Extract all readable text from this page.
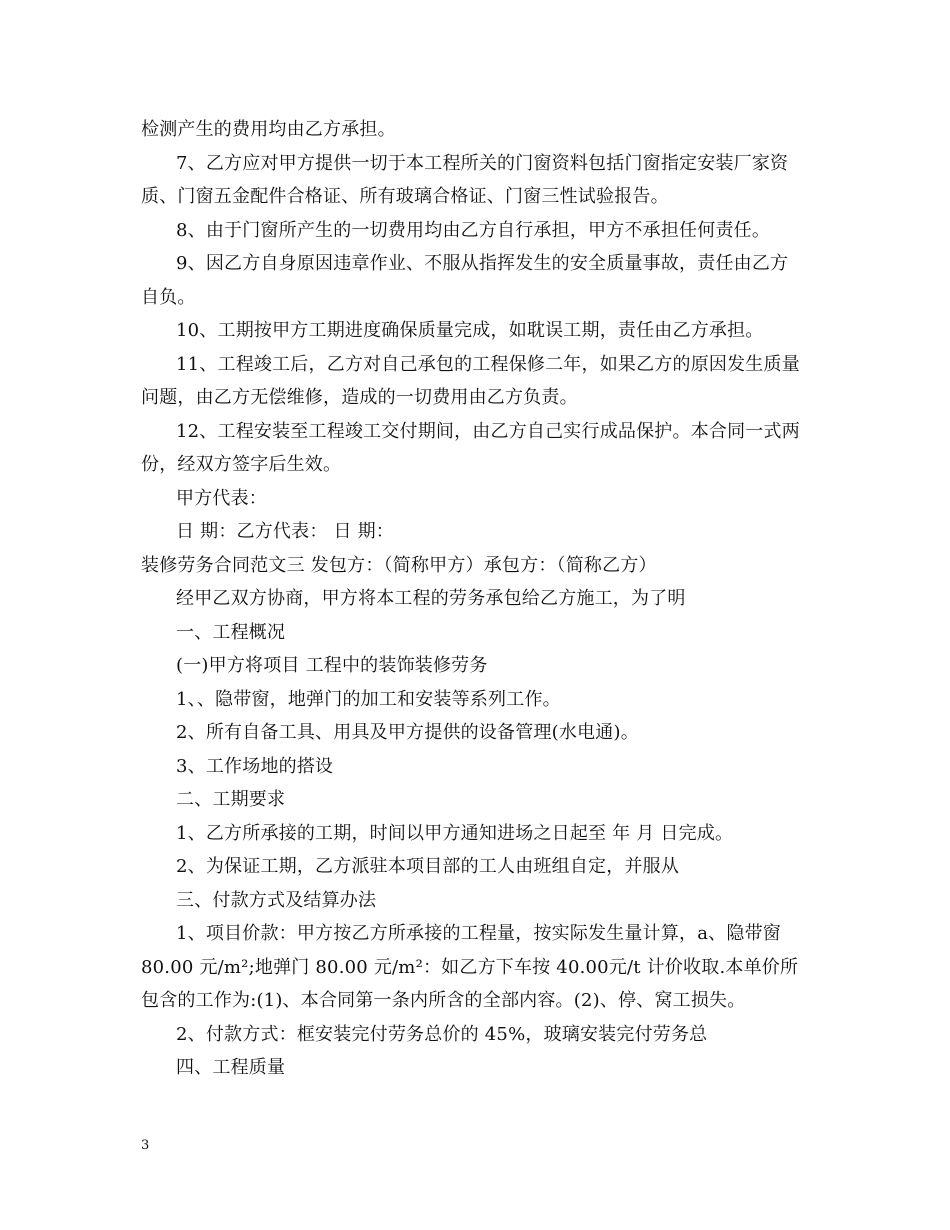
检测产生的费用均由乙方承担。
7、乙方应对甲方提供一切于本工程所关的门窗资料包括门窗指定安装厂家资
质、门窗五金配件合格证、所有玻璃合格证、门窗三性试验报告。
8、由于门窗所产生的一切费用均由乙方自行承担，甲方不承担任何责任。
9、因乙方自身原因违章作业、不服从指挥发生的安全质量事故，责任由乙方
自负。
10、工期按甲方工期进度确保质量完成，如耽误工期，责任由乙方承担。
11、工程竣工后，乙方对自己承包的工程保修二年，如果乙方的原因发生质量
问题，由乙方无偿维修，造成的一切费用由乙方负责。
12、工程安装至工程竣工交付期间，由乙方自己实行成品保护。本合同一式两
份，经双方签字后生效。
甲方代表：
日 期：乙方代表： 日 期：
装修劳务合同范文三 发包方：（简称甲方）承包方：（简称乙方）
经甲乙双方协商，甲方将本工程的劳务承包给乙方施工，为了明
一、工程概况
(一)甲方将项目 工程中的装饰装修劳务
1、、隐带窗，地弹门的加工和安装等系列工作。
2、所有自备工具、用具及甲方提供的设备管理(水电通)。
3、工作场地的搭设
二、工期要求
1、乙方所承接的工期，时间以甲方通知进场之日起至 年 月 日完成。
2、为保证工期，乙方派驻本项目部的工人由班组自定，并服从
三、付款方式及结算办法
1、项目价款：甲方按乙方所承接的工程量，按实际发生量计算，a、隐带窗
80.00 元/m²;地弹门 80.00 元/m²：如乙方下车按 40.00元/t 计价收取.本单价所
包含的工作为:(1)、本合同第一条内所含的全部内容。(2)、停、窝工损失。
2、付款方式：框安装完付劳务总价的 45%，玻璃安装完付劳务总
四、工程质量
3
